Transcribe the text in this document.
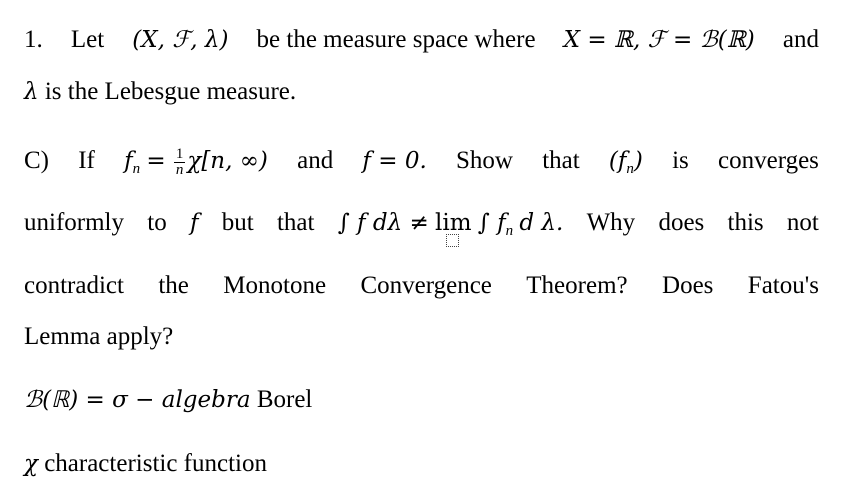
1. Let (X, ℱ, λ) be the measure space where X = ℝ, ℱ = ℬ(ℝ) and
λ is the Lebesgue measure.
C) If $f_n = \frac{1}{n} \chi[n$, ∞) and f = 0. Show that $(f_n)$ is converges
uniformly to f but that ∫ f dλ ≠ lim ∫ $f_n$ d λ. Why does this not
contradict the Monotone Convergence Theorem? Does Fatou's
Lemma apply?
ℬ(ℝ) = σ − algebra Borel
χ characteristic function
